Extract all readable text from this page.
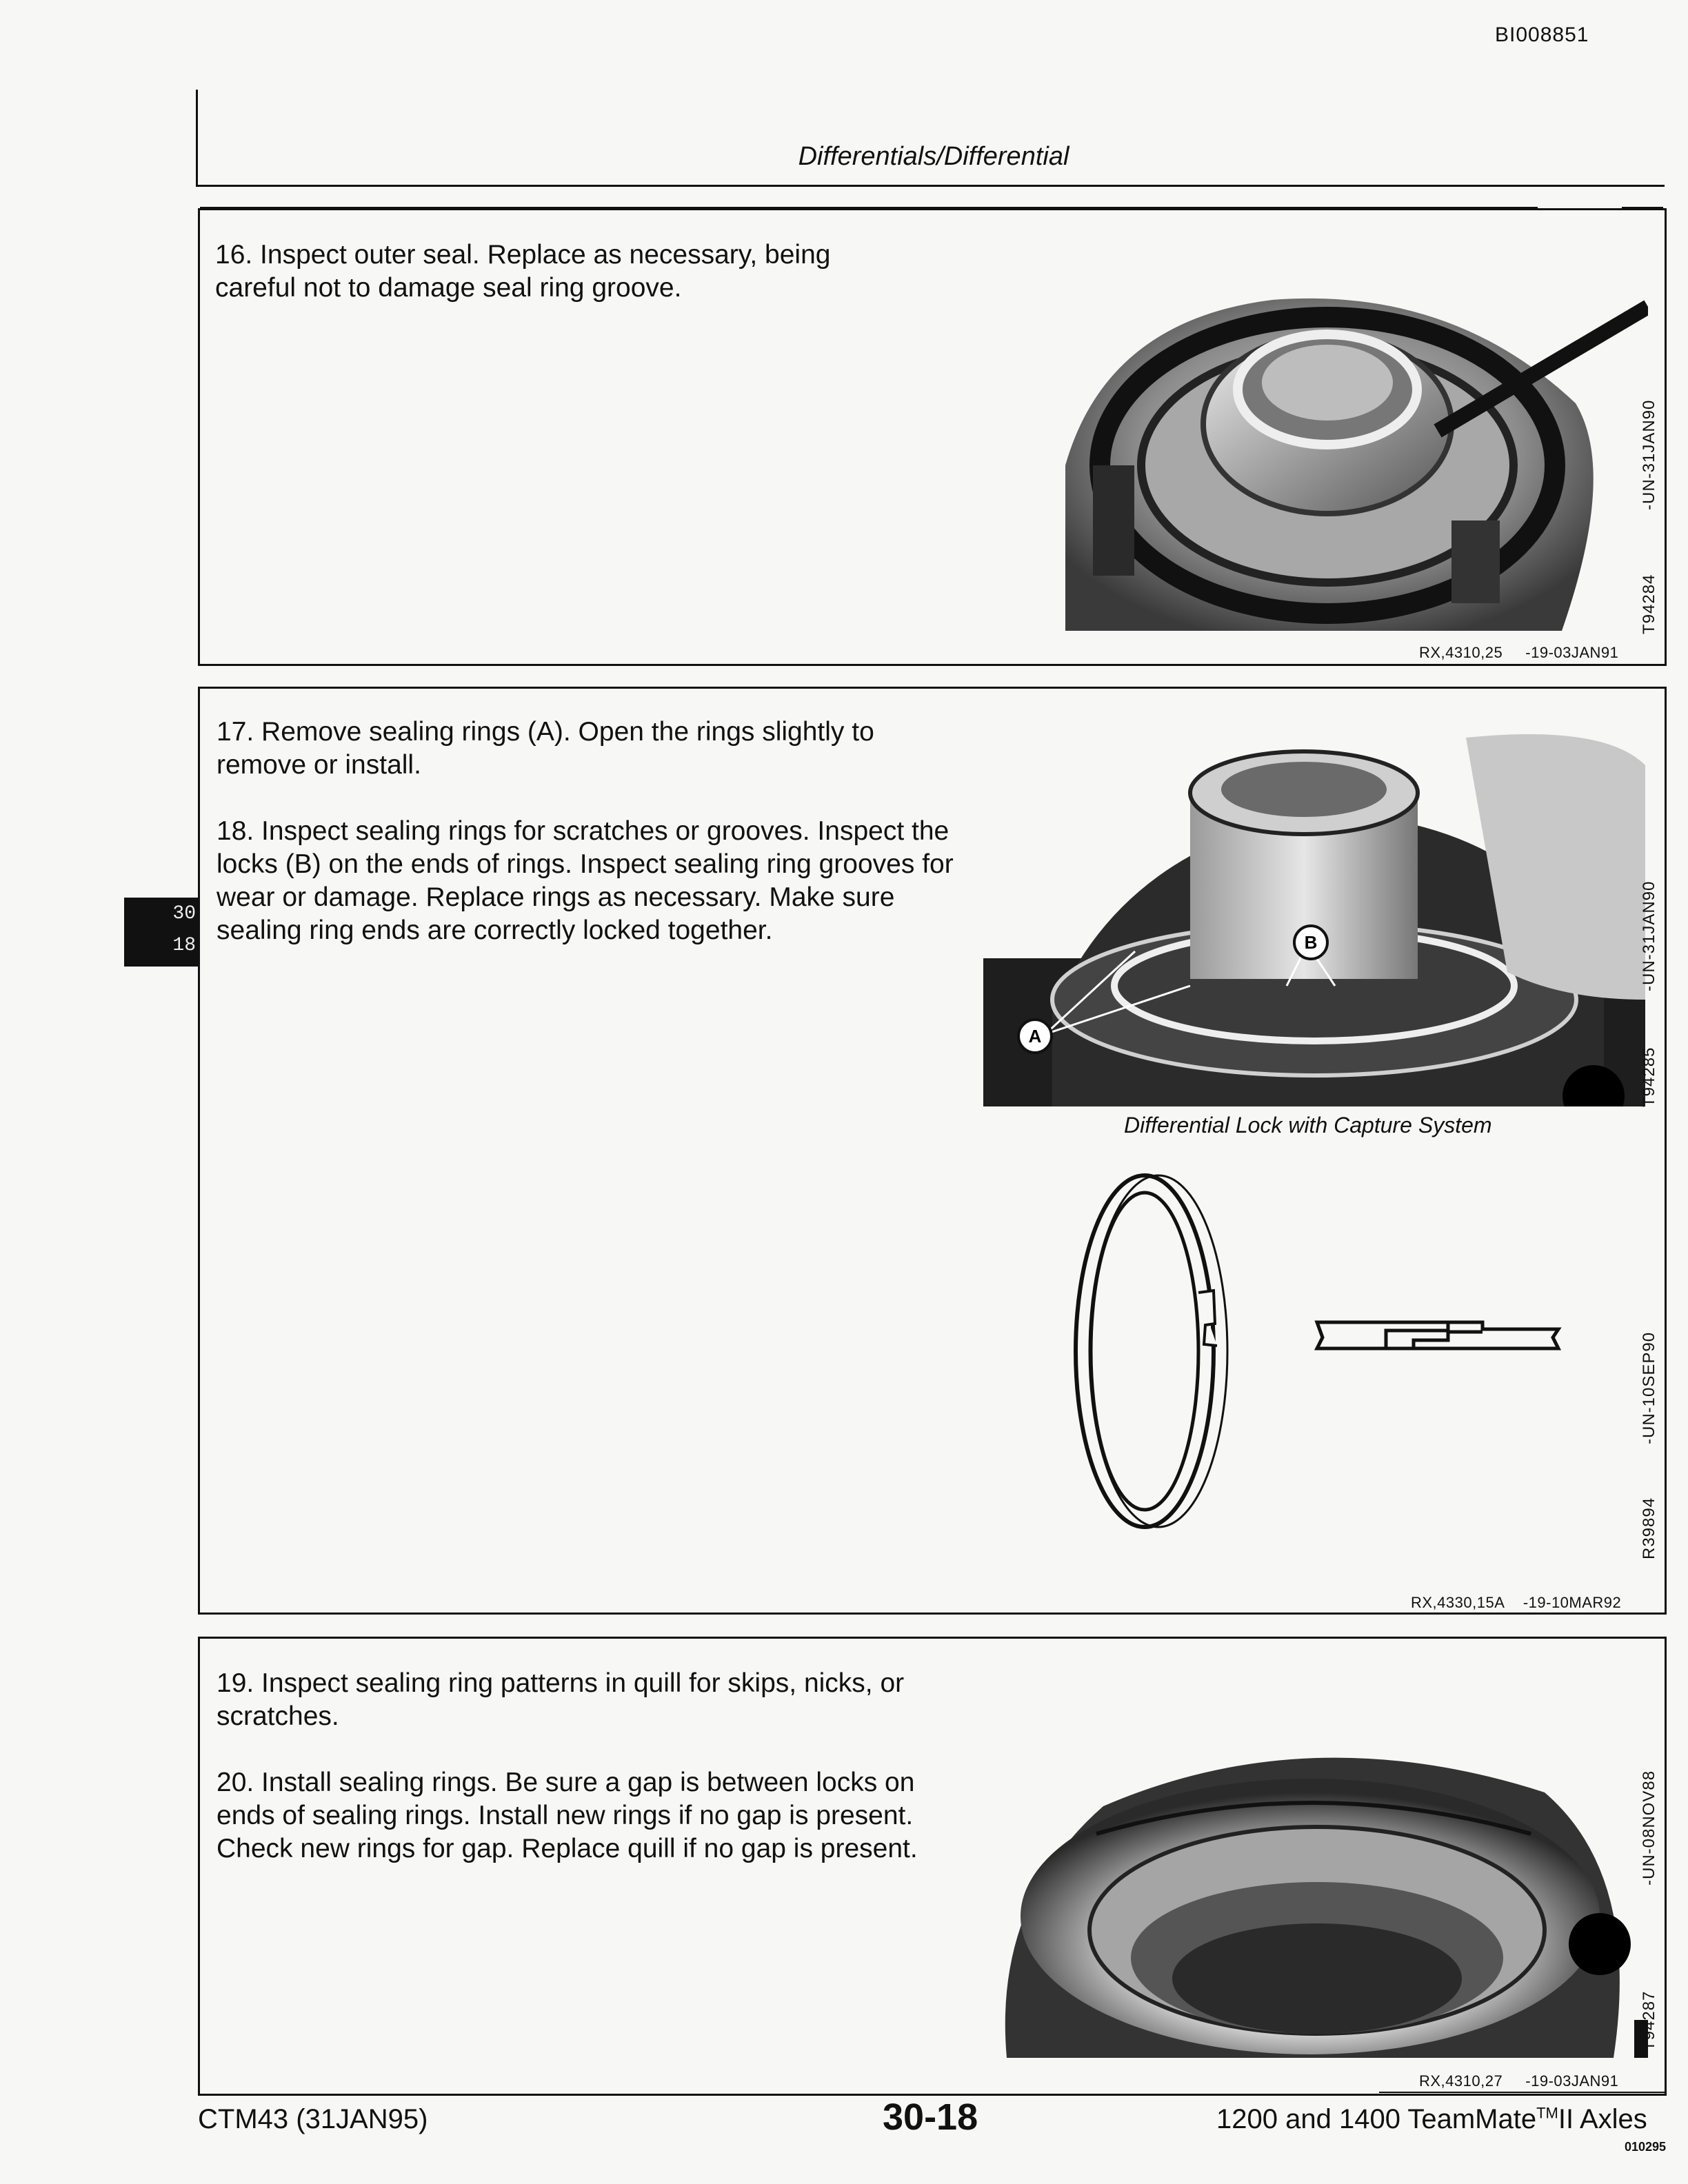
BI008851
Differentials/Differential
30
18

16. Inspect outer seal. Replace as necessary, being careful not to damage seal ring groove.

-UN-31JAN90
T94284
RX,4310,25 -19-03JAN91

17. Remove sealing rings (A). Open the rings slightly to remove or install.

18. Inspect sealing rings for scratches or grooves. Inspect the locks (B) on the ends of rings. Inspect sealing ring grooves for wear or damage. Replace rings as necessary. Make sure sealing ring ends are correctly locked together.

A
B	-UN-31JAN90
T94285
Differential Lock with Capture System
-UN-10SEP90
R39894
RX,4330,15A -19-10MAR92

19. Inspect sealing ring patterns in quill for skips, nicks, or scratches.

20. Install sealing rings. Be sure a gap is between locks on ends of sealing rings. Install new rings if no gap is present. Check new rings for gap. Replace quill if no gap is present.	-UN-08NOV88
T94287
RX,4310,27 -19-03JAN91
CTM43 (31JAN95)	30-18	1200 and 1400 TeamMate™II Axles
010295
